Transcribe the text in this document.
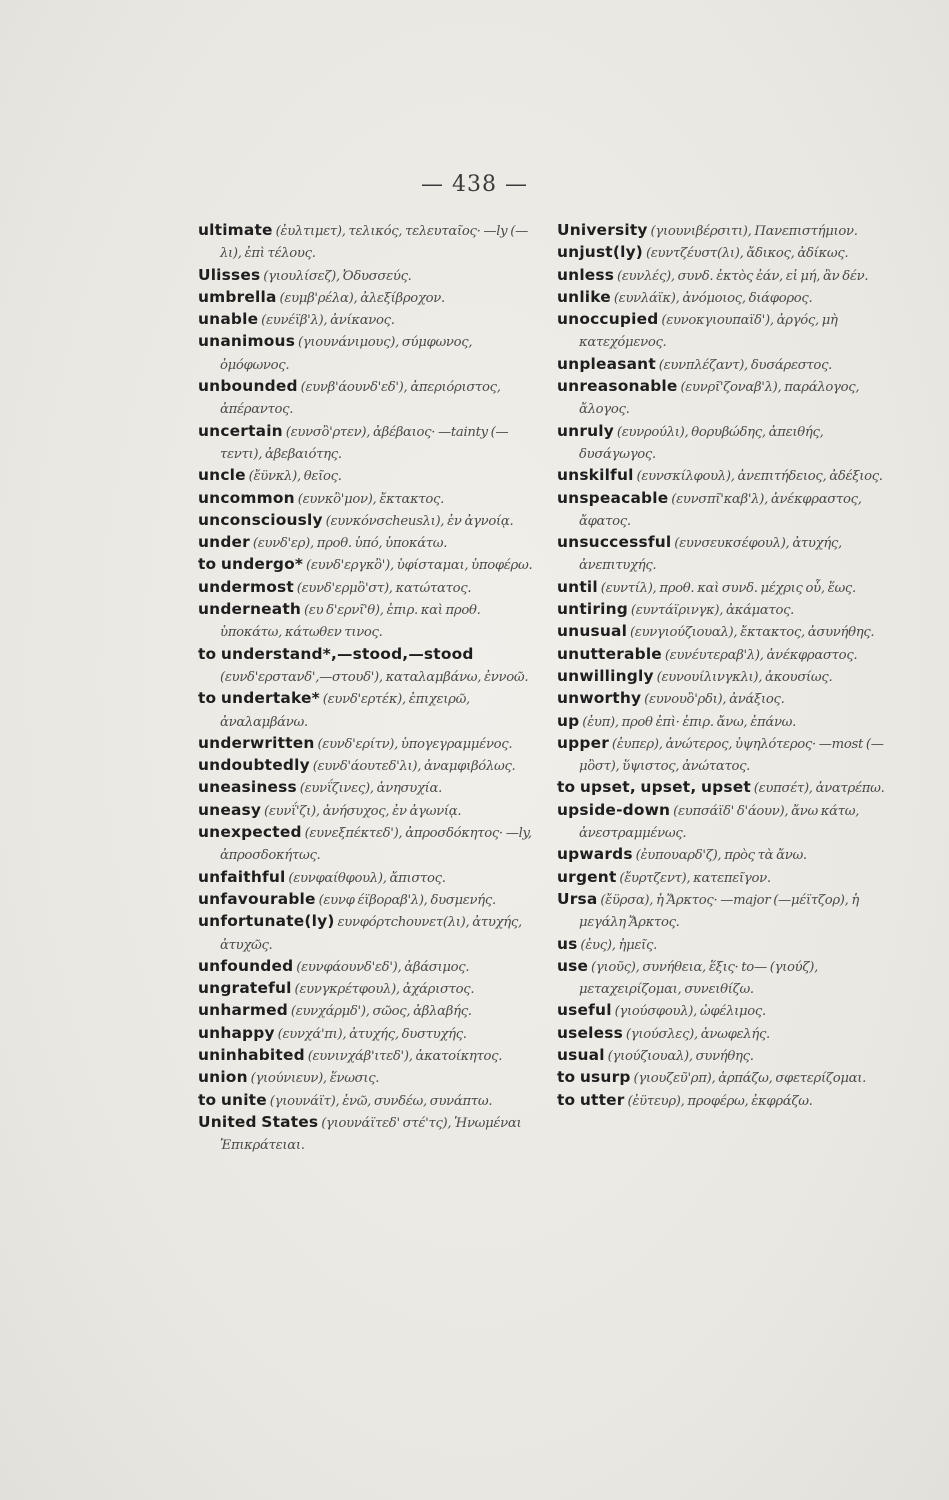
— 438 —

ultimate (ἐυλτιμετ), τελικός, τελευταῖος· —ly (—λι), ἐπὶ τέλους.

Ulisses (γιουλίσεζ), Ὀδυσσεύς.

umbrella (ευμβ'ρέλα), ἀλεξίβροχον.

unable (ευνέϊβ'λ), ἀνίκανος.

unanimous (γιουνάνιμους), σύμφωνος, ὁμόφωνος.

unbounded (ευνβ'άουνδ'εδ'), ἀπεριόριστος, ἀπέραντος.

uncertain (ευνσὂ'ρτεν), ἀβέβαιος· —tainty (—τεντι), ἀβεβαιότης.

uncle (ἔϋνκλ), θεῖος.

uncommon (ευνκὂ'μον), ἔκτακτος.

unconsciously (ευνκόνσcheusλι), ἐν ἀγνοίᾳ.

under (ευνδ'ερ), προθ. ὑπό, ὑποκάτω.

to undergo* (ευνδ'εργκὂ'), ὑφίσταμαι, ὑποφέρω.

undermost (ευνδ'ερμὂ'στ), κατώτατος.

underneath (ευ δ'ερνῖ'θ), ἐπιρ. καὶ προθ. ὑποκάτω, κάτωθεν τινος.

to understand*,—stood,—stood (ευνδ'ερστανδ',—στουδ'), καταλαμβάνω, ἐννοῶ.

to undertake* (ευνδ'ερτέκ), ἐπιχειρῶ, ἀναλαμβάνω.

underwritten (ευνδ'ερίτν), ὑπογεγραμμένος.

undoubtedly (ευνδ'άουτεδ'λι), ἀναμφιβόλως.

uneasiness (ευνΐζινες), ἀνησυχία.

uneasy (ευνΐ'ζι), ἀνήσυχος, ἐν ἀγωνίᾳ.

unexpected (ευνεξπέκτεδ'), ἀπροσδόκητος· —ly, ἀπροσδοκήτως.

unfaithful (ευνφαίθφουλ), ἄπιστος.

unfavourable (ευνφ έϊβοραβ'λ), δυσμενής.

unfortunate(ly) ευνφόρτchουνετ(λι), ἀτυχής, ἀτυχῶς.

unfounded (ευνφάουνδ'εδ'), ἀβάσιμος.

ungrateful (ευνγκρέτφουλ), ἀχάριστος.

unharmed (ευνχάρμδ'), σῶος, ἀβλαβής.

unhappy (ευνχά'πι), ἀτυχής, δυστυχής.

uninhabited (ευνινχάβ'ιτεδ'), ἀκατοίκητος.

union (γιούνιευν), ἕνωσις.

to unite (γιουνάϊτ), ἑνῶ, συνδέω, συνάπτω.

United States (γιουνάϊτεδ' στέ'τς), Ἡνωμέναι Ἐπικράτειαι.

University (γιουνιβέρσιτι), Πανεπιστήμιον.

unjust(ly) (ευντζέυστ(λι), ἄδικος, ἀδίκως.

unless (ευνλές), συνδ. ἐκτὸς ἐάν, εἰ μή, ἂν δέν.

unlike (ευνλάϊκ), ἀνόμοιος, διάφορος.

unoccupied (ευνοκγιουπαϊδ'), ἀργός, μὴ κατεχόμενος.

unpleasant (ευνπλέζαντ), δυσάρεστος.

unreasonable (ευνρῖ'ζοναβ'λ), παράλογος, ἄλογος.

unruly (ευνρούλι), θορυβώδης, ἀπειθής, δυσάγωγος.

unskilful (ευνσκίλφουλ), ἀνεπιτήδειος, ἀδέξιος.

unspeacable (ευνσπῖ'καβ'λ), ἀνέκφραστος, ἄφατος.

unsuccessful (ευνσευκσέφουλ), ἀτυχής, ἀνεπιτυχής.

until (ευντίλ), προθ. καὶ συνδ. μέχρις οὗ, ἕως.

untiring (ευντάϊρινγκ), ἀκάματος.

unusual (ευνγιούζιουαλ), ἔκτακτος, ἀσυνήθης.

unutterable (ευνέυτεραβ'λ), ἀνέκφραστος.

unwillingly (ευνουίλινγκλι), ἀκουσίως.

unworthy (ευνουὂ'ρδι), ἀνάξιος.

up (ἐυπ), προθ ἐπὶ· ἐπιρ. ἄνω, ἐπάνω.

upper (ἐυπερ), ἀνώτερος, ὑψηλότερος· —most (—μὂστ), ὕψιστος, ἀνώτατος.

to upset, upset, upset (ευπσέτ), ἀνατρέπω.

upside-down (ευπσάϊδ' δ'άουν), ἄνω κάτω, ἀνεστραμμένως.

upwards (ἐυπουαρδ'ζ), πρὸς τὰ ἄνω.

urgent (ἔυρτζεντ), κατεπεῖγον.

Ursa (ἔϋρσα), ἡ Ἄρκτος· —major (—μέϊτζορ), ἡ μεγάλη Ἄρκτος.

us (ἐυς), ἡμεῖς.

use (γιοῦς), συνήθεια, ἕξις· to— (γιούζ), μεταχειρίζομαι, συνειθίζω.

useful (γιούσφουλ), ὠφέλιμος.

useless (γιούσλες), ἀνωφελής.

usual (γιούζιουαλ), συνήθης.

to usurp (γιουζεῦ'ρπ), ἁρπάζω, σφετερίζομαι.

to utter (ἐϋτευρ), προφέρω, ἐκφράζω.
